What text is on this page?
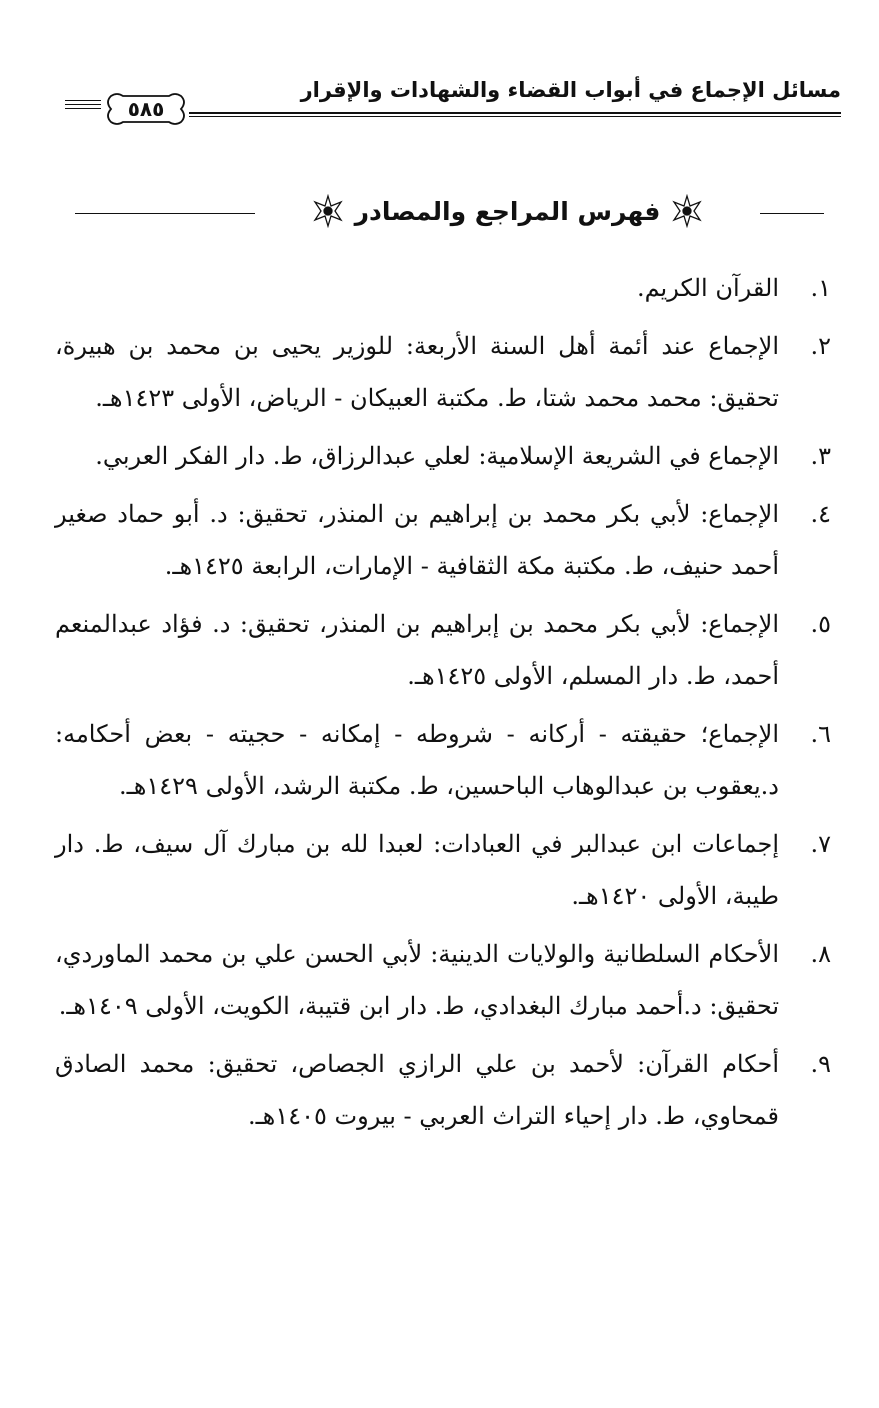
مسائل الإجماع في أبواب القضاء والشهادات والإقرار
٥٨٥
فهرس المراجع والمصادر
١.
القرآن الكريم.
٢.
الإجماع عند أئمة أهل السنة الأربعة: للوزير يحيى بن محمد بن هبيرة، تحقيق: محمد محمد شتا، ط. مكتبة العبيكان - الرياض، الأولى ١٤٢٣هـ.
٣.
الإجماع في الشريعة الإسلامية: لعلي عبدالرزاق، ط. دار الفكر العربي.
٤.
الإجماع: لأبي بكر محمد بن إبراهيم بن المنذر، تحقيق: د. أبو حماد صغير أحمد حنيف، ط. مكتبة مكة الثقافية - الإمارات، الرابعة ١٤٢٥هـ.
٥.
الإجماع: لأبي بكر محمد بن إبراهيم بن المنذر، تحقيق: د. فؤاد عبدالمنعم أحمد، ط. دار المسلم، الأولى ١٤٢٥هـ.
٦.
الإجماع؛ حقيقته - أركانه - شروطه - إمكانه - حجيته - بعض أحكامه: د.يعقوب بن عبدالوهاب الباحسين، ط. مكتبة الرشد، الأولى ١٤٢٩هـ.
٧.
إجماعات ابن عبدالبر في العبادات: لعبدا لله بن مبارك آل سيف، ط. دار طيبة، الأولى ١٤٢٠هـ.
٨.
الأحكام السلطانية والولايات الدينية: لأبي الحسن علي بن محمد الماوردي، تحقيق: د.أحمد مبارك البغدادي، ط. دار ابن قتيبة، الكويت، الأولى ١٤٠٩هـ.
٩.
أحكام القرآن: لأحمد بن علي الرازي الجصاص، تحقيق: محمد الصادق قمحاوي، ط. دار إحياء التراث العربي - بيروت ١٤٠٥هـ.
